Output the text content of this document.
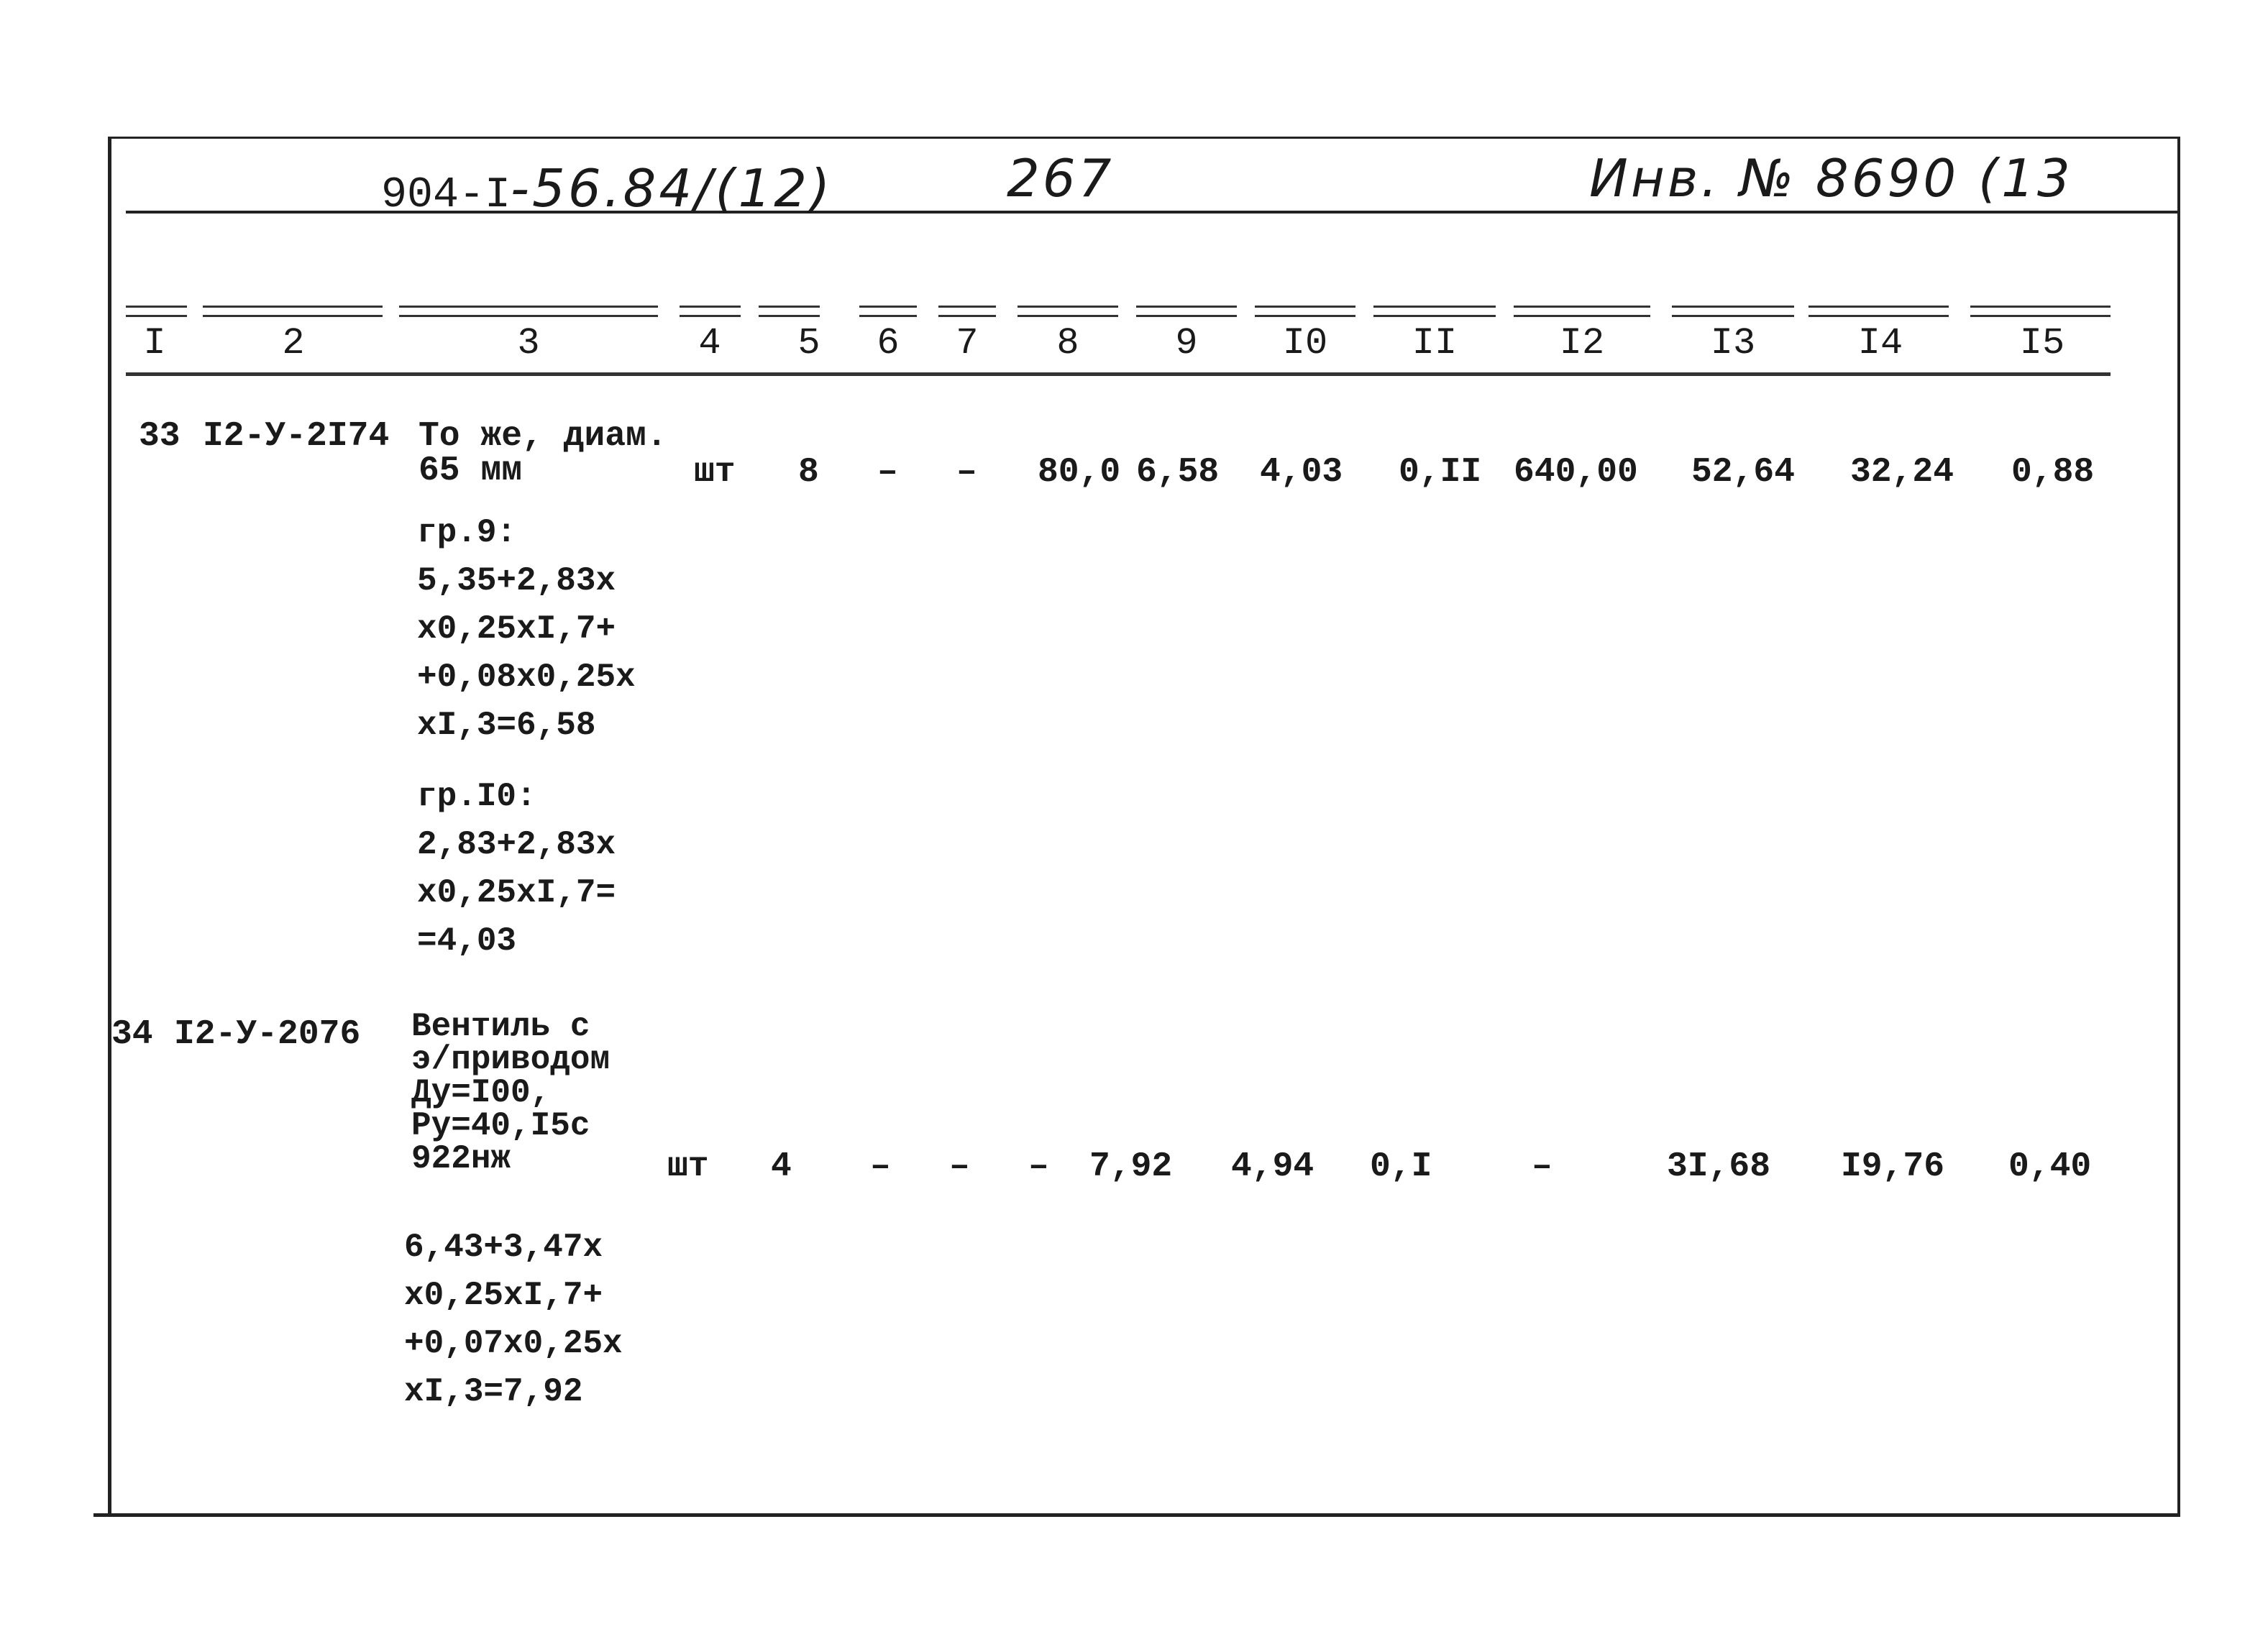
904-I-56.84/(12)	267	Инв. № 8690 (13
I	2	3	4	5	6	7	8	9	I0	II	I2	I3	I4	I5
33 I2-У-2I74 То же, диам.
65 мм	шт 8 – – 80,0 6,58 4,03 0,II 640,00 52,64 32,24 0,88
гр.9:
5,35+2,83х
х0,25хI,7+
+0,08х0,25х
хI,3=6,58
гр.I0:
2,83+2,83х
х0,25хI,7=
=4,03
34 I2-У-2076 Вентиль с
э/приводом
Ду=I00,
Ру=40,I5с
922нж	шт 4 – – – 7,92 4,94 0,I	–	3I,68 I9,76 0,40
6,43+3,47х
х0,25хI,7+
+0,07х0,25х
хI,3=7,92
